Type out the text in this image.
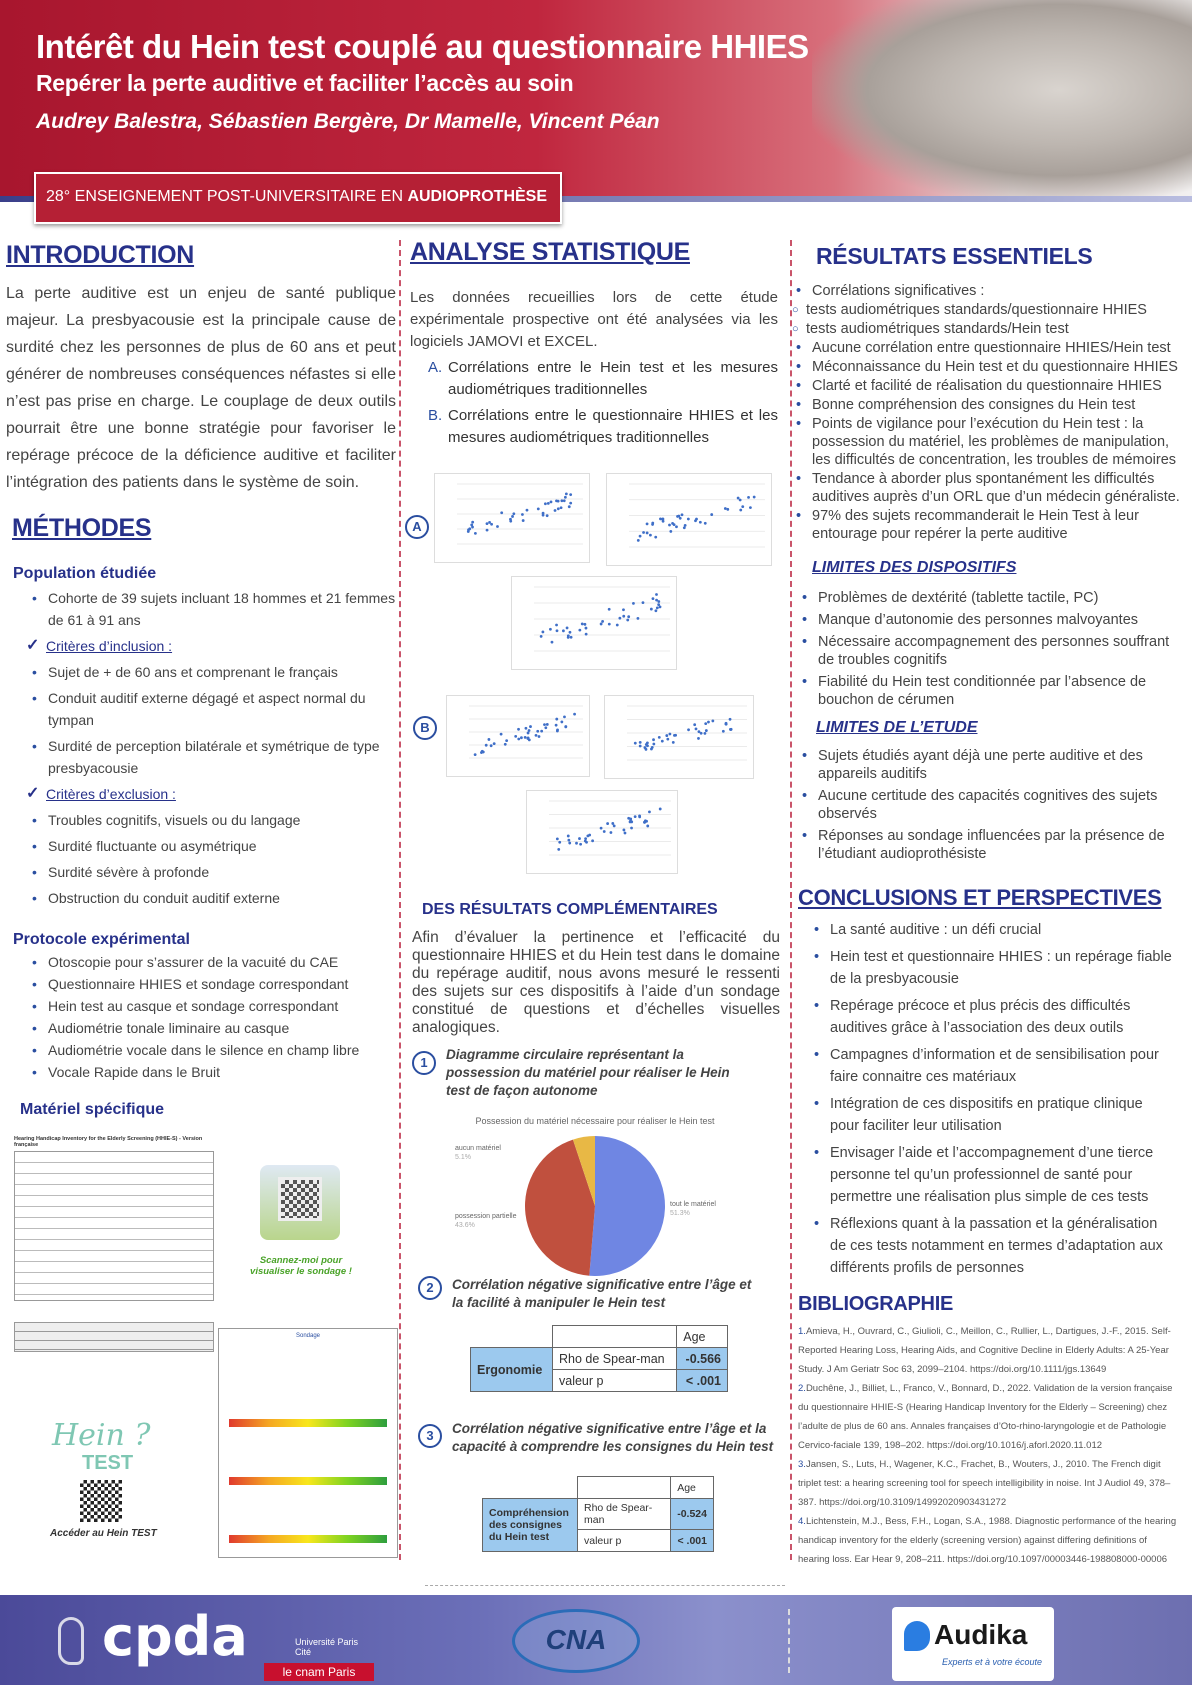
Intérêt du Hein test couplé au questionnaire HHIES
Repérer la perte auditive et faciliter l’accès au soin
Audrey Balestra, Sébastien Bergère, Dr Mamelle, Vincent Péan
28° ENSEIGNEMENT POST-UNIVERSITAIRE EN AUDIOPROTHÈSE
INTRODUCTION

La perte auditive est un enjeu de santé publique majeur. La presbyacousie est la principale cause de surdité chez les personnes de plus de 60 ans et peut générer de nombreuses conséquences néfastes si elle n’est pas prise en charge. Le couplage de deux outils pourrait être une bonne stratégie pour favoriser le repérage précoce de la déficience auditive et faciliter l’intégration des patients dans le système de soin.

MÉTHODES
Population étudiée
• Cohorte de 39 sujets incluant 18 hommes et 21 femmes de 61 à 91 ans
✓ Critères d’inclusion :
• Sujet de + de 60 ans et comprenant le français
• Conduit auditif externe dégagé et aspect normal du tympan
• Surdité de perception bilatérale et symétrique de type presbyacousie
✓ Critères d’exclusion :
• Troubles cognitifs, visuels ou du langage
• Surdité fluctuante ou asymétrique
• Surdité sévère à profonde
• Obstruction du conduit auditif externe
Protocole expérimental
• Otoscopie pour s’assurer de la vacuité du CAE
• Questionnaire HHIES et sondage correspondant
• Hein test au casque et sondage correspondant
• Audiométrie tonale liminaire au casque
• Audiométrie vocale dans le silence en champ libre
• Vocale Rapide dans le Bruit
Matériel spécifique
Hearing Handicap Inventory for the Elderly Screening (HHIE-S) - Version française
Scannez-moi pour visualiser le sondage !
Hein ?
TEST
Accéder au Hein TEST
Sondage
ANALYSE STATISTIQUE

Les données recueillies lors de cette étude expérimentale prospective ont été analysées via les logiciels JAMOVI et EXCEL.

A. Corrélations entre le Hein test et les mesures audiométriques traditionnelles
B. Corrélations entre le questionnaire HHIES et les mesures audiométriques traditionnelles
A
B
DES RÉSULTATS COMPLÉMENTAIRES

Afin d’évaluer la pertinence et l’efficacité du questionnaire HHIES et du Hein test dans le domaine du repérage auditif, nous avons mesuré le ressenti des sujets sur ces dispositifs à l’aide d’un sondage constitué de questions et d’échelles visuelles analogiques.

1
Diagramme circulaire représentant la possession du matériel pour réaliser le Hein test de façon autonome
Possession du matériel nécessaire pour réaliser le Hein test
tout le matériel
51.3%
possession partielle
43.6%
aucun matériel
5.1%
2	Corrélation négative significative entre l’âge et la facilité à manipuler le Hein test
		Age
Ergonomie	Rho de Spear-man	-0.566
	valeur p	< .001
3	Corrélation négative significative entre l’âge et la capacité à comprendre les consignes du Hein test
		Age
Compréhension des consignes du Hein test	Rho de Spear-man	-0.524
	valeur p	< .001
RÉSULTATS ESSENTIELS
• Corrélations significatives :
○ tests audiométriques standards/questionnaire HHIES
○ tests audiométriques standards/Hein test
• Aucune corrélation entre questionnaire HHIES/Hein test
• Méconnaissance du Hein test et du questionnaire HHIES
• Clarté et facilité de réalisation du questionnaire HHIES
• Bonne compréhension des consignes du Hein test
• Points de vigilance pour l’exécution du Hein test : la possession du matériel, les problèmes de manipulation, les difficultés de concentration, les troubles de mémoires
• Tendance à aborder plus spontanément les difficultés auditives auprès d’un ORL que d’un médecin généraliste.
• 97% des sujets recommanderait le Hein Test à leur entourage pour repérer la perte auditive
LIMITES DES DISPOSITIFS
• Problèmes de dextérité (tablette tactile, PC)
• Manque d’autonomie des personnes malvoyantes
• Nécessaire accompagnement des personnes souffrant de troubles cognitifs
• Fiabilité du Hein test conditionnée par l’absence de bouchon de cérumen
LIMITES DE L’ETUDE
• Sujets étudiés ayant déjà une perte auditive et des appareils auditifs
• Aucune certitude des capacités cognitives des sujets observés
• Réponses au sondage influencées par la présence de l’étudiant audioprothésiste
CONCLUSIONS ET PERSPECTIVES
• La santé auditive : un défi crucial
• Hein test et questionnaire HHIES : un repérage fiable de la presbyacousie
• Repérage précoce et plus précis des difficultés auditives grâce à l’association des deux outils
• Campagnes d’information et de sensibilisation pour faire connaitre ces matériaux
• Intégration de ces dispositifs en pratique clinique pour faciliter leur utilisation
• Envisager l’aide et l’accompagnement d’une tierce personne tel qu’un professionnel de santé pour permettre une réalisation plus simple de ces tests
• Réflexions quant à la passation et la généralisation de ces tests notamment en termes d’adaptation aux différents profils de personnes
BIBLIOGRAPHIE
1.Amieva, H., Ouvrard, C., Giulioli, C., Meillon, C., Rullier, L., Dartigues, J.-F., 2015. Self-Reported Hearing Loss, Hearing Aids, and Cognitive Decline in Elderly Adults: A 25-Year Study. J Am Geriatr Soc 63, 2099–2104. https://doi.org/10.1111/jgs.13649
2.Duchêne, J., Billiet, L., Franco, V., Bonnard, D., 2022. Validation de la version française du questionnaire HHIE-S (Hearing Handicap Inventory for the Elderly – Screening) chez l’adulte de plus de 60 ans. Annales françaises d’Oto-rhino-laryngologie et de Pathologie Cervico-faciale 139, 198–202. https://doi.org/10.1016/j.aforl.2020.11.012
3.Jansen, S., Luts, H., Wagener, K.C., Frachet, B., Wouters, J., 2010. The French digit triplet test: a hearing screening tool for speech intelligibility in noise. Int J Audiol 49, 378–387. https://doi.org/10.3109/14992020903431272
4.Lichtenstein, M.J., Bess, F.H., Logan, S.A., 1988. Diagnostic performance of the hearing handicap inventory for the elderly (screening version) against differing definitions of hearing loss. Ear Hear 9, 208–211. https://doi.org/10.1097/00003446-198808000-00006
cpda	Université Paris Cité
le cnam Paris
CNA	Audika
Experts et à votre écoute
